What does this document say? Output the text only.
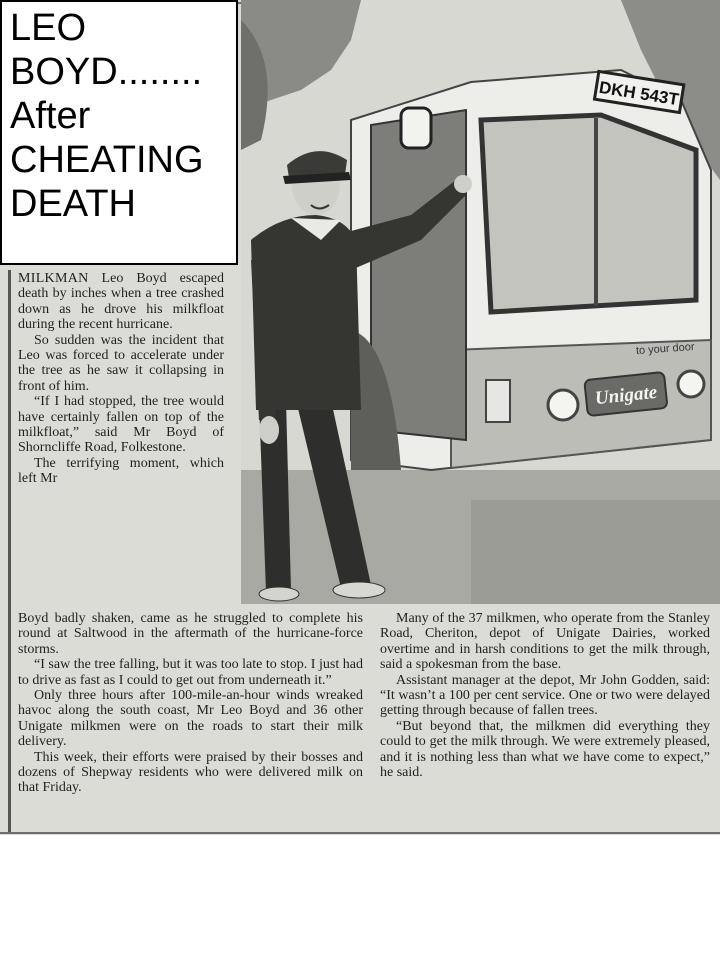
DKH 543T
Unigate
to your door
LEO
BOYD........
After
CHEATING
DEATH

MILKMAN Leo Boyd escaped death by inches when a tree crashed down as he drove his milkfloat during the recent hurricane.

So sudden was the incident that Leo was forced to accelerate under the tree as he saw it collapsing in front of him.

“If I had stopped, the tree would have certainly fallen on top of the milkfloat,” said Mr Boyd of Shorncliffe Road, Folkestone.

The terrifying moment, which left Mr

Boyd badly shaken, came as he struggled to complete his round at Saltwood in the aftermath of the hurricane-force storms.

“I saw the tree falling, but it was too late to stop. I just had to drive as fast as I could to get out from underneath it.”

Only three hours after 100-mile-an-hour winds wreaked havoc along the south coast, Mr Leo Boyd and 36 other Unigate milkmen were on the roads to start their milk delivery.

This week, their efforts were praised by their bosses and dozens of Shepway residents who were delivered milk on that Friday.

Many of the 37 milkmen, who operate from the Stanley Road, Cheriton, depot of Unigate Dairies, worked overtime and in harsh conditions to get the milk through, said a spokesman from the base.

Assistant manager at the depot, Mr John Godden, said: “It wasn’t a 100 per cent service. One or two were delayed getting through because of fallen trees.

“But beyond that, the milkmen did everything they could to get the milk through. We were extremely pleased, and it is nothing less than what we have come to expect,” he said.
